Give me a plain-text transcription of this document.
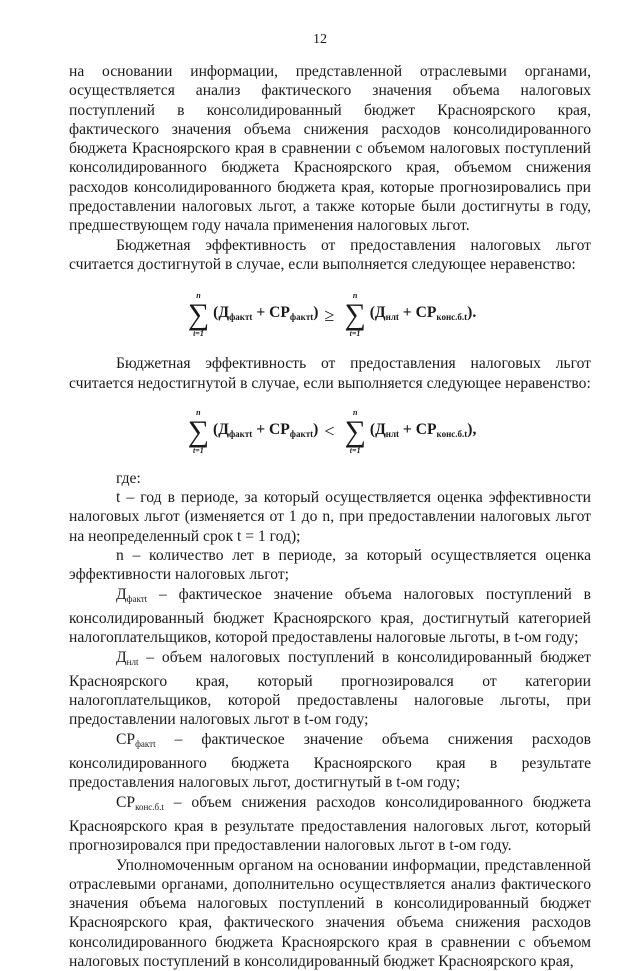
12

на основании информации, представленной отраслевыми органами, осуществляется анализ фактического значения объема налоговых поступлений в консолидированный бюджет Красноярского края, фактического значения объема снижения расходов консолидированного бюджета Красноярского края в сравнении с объемом налоговых поступлений консолидированного бюджета Красноярского края, объемом снижения расходов консолидированного бюджета края, которые прогнозировались при предоставлении налоговых льгот, а также которые были достигнуты в году, предшествующем году начала применения налоговых льгот.

Бюджетная эффективность от предоставления налоговых льгот считается достигнутой в случае, если выполняется следующее неравенство:

n
∑
t=1
$(Д_{фактt} + СР_{фактt})$ ≥
n
∑
t=1
$(Д_{нлt} + СР_{конс.б.t})$.

Бюджетная эффективность от предоставления налоговых льгот считается недостигнутой в случае, если выполняется следующее неравенство:

n
∑
t=1
$(Д_{фактt} + СР_{фактt})$ <
n
∑
t=1
$(Д_{нлt} + СР_{конс.б.t})$,

где:

t – год в периоде, за который осуществляется оценка эффективности налоговых льгот (изменяется от 1 до n, при предоставлении налоговых льгот на неопределенный срок t = 1 год);

n – количество лет в периоде, за который осуществляется оценка эффективности налоговых льгот;

$Д_{фактt}$ – фактическое значение объема налоговых поступлений в консолидированный бюджет Красноярского края, достигнутый категорией налогоплательщиков, которой предоставлены налоговые льготы, в t-ом году;

$Д_{нлt}$ – объем налоговых поступлений в консолидированный бюджет Красноярского края, который прогнозировался от категории налогоплательщиков, которой предоставлены налоговые льготы, при предоставлении налоговых льгот в t-ом году;

$СР_{фактt}$ – фактическое значение объема снижения расходов консолидированного бюджета Красноярского края в результате предоставления налоговых льгот, достигнутый в t-ом году;

$СР_{конс.б.t}$ – объем снижения расходов консолидированного бюджета Красноярского края в результате предоставления налоговых льгот, который прогнозировался при предоставлении налоговых льгот в t-ом году.

Уполномоченным органом на основании информации, представленной отраслевыми органами, дополнительно осуществляется анализ фактического значения объема налоговых поступлений в консолидированный бюджет Красноярского края, фактического значения объема снижения расходов консолидированного бюджета Красноярского края в сравнении с объемом налоговых поступлений в консолидированный бюджет Красноярского края,
